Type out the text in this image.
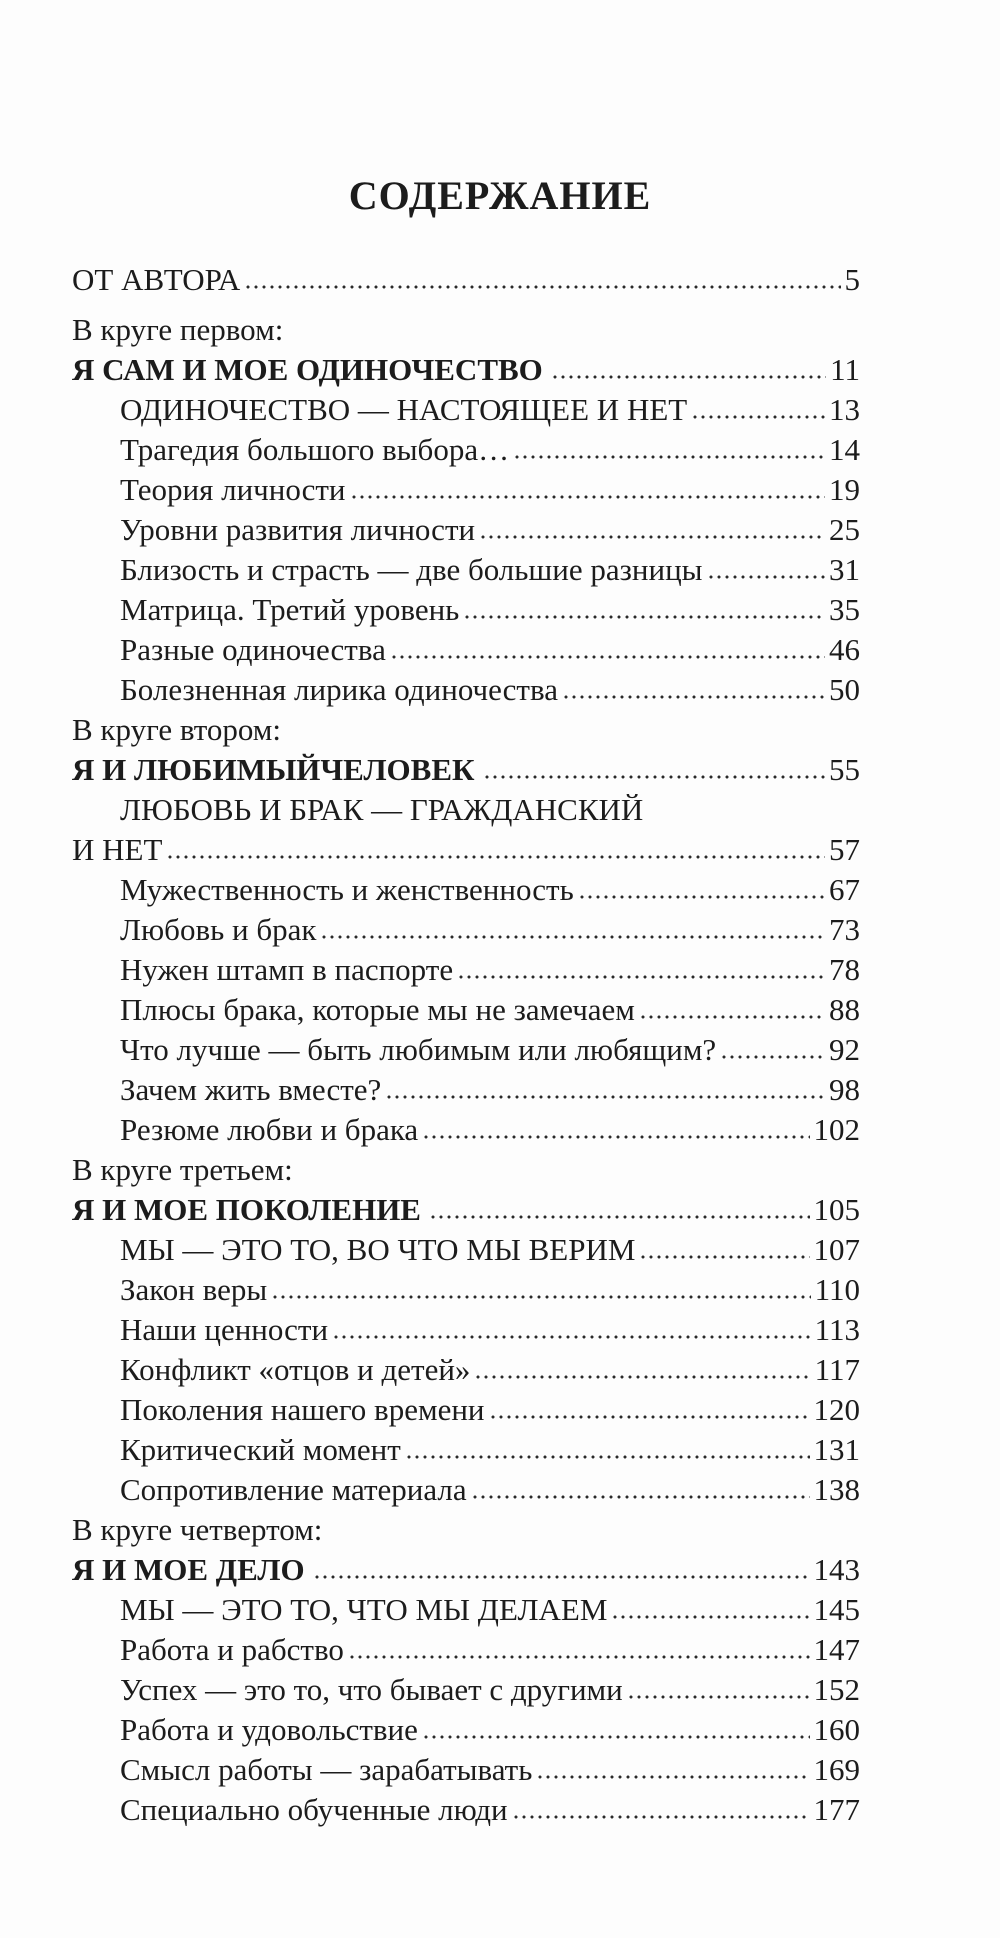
СОДЕРЖАНИЕ
ОТ АВТОРА	5
В круге первом:
Я САМ И МОЕ ОДИНОЧЕСТВО	11
ОДИНОЧЕСТВО — НАСТОЯЩЕЕ И НЕТ	13
Трагедия большого выбора…	14
Теория личности	19
Уровни развития личности	25
Близость и страсть — две большие разницы	31
Матрица. Третий уровень	35
Разные одиночества	46
Болезненная лирика одиночества	50
В круге втором:
Я И ЛЮБИМЫЙЧЕЛОВЕК	55
ЛЮБОВЬ И БРАК — ГРАЖДАНСКИЙ
И НЕТ	57
Мужественность и женственность	67
Любовь и брак	73
Нужен штамп в паспорте	78
Плюсы брака, которые мы не замечаем	88
Что лучше — быть любимым или любящим?	92
Зачем жить вместе?	98
Резюме любви и брака	102
В круге третьем:
Я И МОЕ ПОКОЛЕНИЕ	105
МЫ — ЭТО ТО, ВО ЧТО МЫ ВЕРИМ	107
Закон веры	110
Наши ценности	113
Конфликт «отцов и детей»	117
Поколения нашего времени	120
Критический момент	131
Сопротивление материала	138
В круге четвертом:
Я И МОЕ ДЕЛО	143
МЫ — ЭТО ТО, ЧТО МЫ ДЕЛАЕМ	145
Работа и рабство	147
Успех — это то, что бывает с другими	152
Работа и удовольствие	160
Смысл работы — зарабатывать	169
Специально обученные люди	177
